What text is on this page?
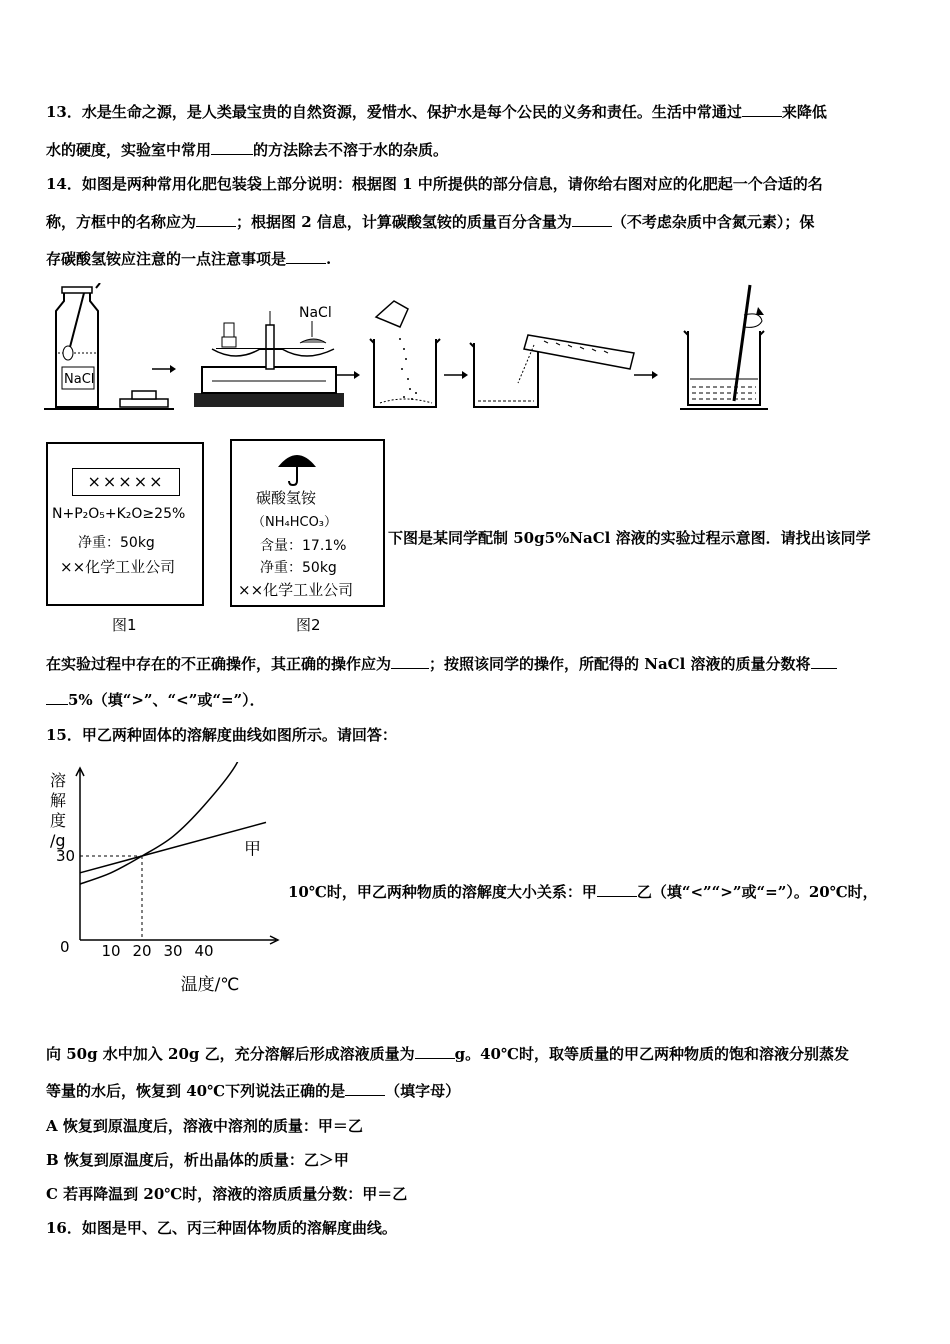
13．水是生命之源，是人类最宝贵的自然资源，爱惜水、保护水是每个公民的义务和责任。生活中常通过	来降低
水的硬度，实验室中常用	的方法除去不溶于水的杂质。
14．如图是两种常用化肥包装袋上部分说明：根据图 1 中所提供的部分信息，请你给右图对应的化肥起一个合适的名
称，方框中的名称应为	；根据图 2 信息，计算碳酸氢铵的质量百分含量为	（不考虑杂质中含氮元素）；保
存碳酸氢铵应注意的一点注意事项是	.
NaCl
NaCl
×××××
N+P₂O₅+K₂O≥25%
净重：50kg
××化学工业公司
图1
碳酸氢铵
（NH₄HCO₃）
含量：17.1%
净重：50kg
××化学工业公司
图2
下图是某同学配制 50g5%NaCl 溶液的实验过程示意图．请找出该同学
在实验过程中存在的不正确操作，其正确的操作应为	；按照该同学的操作，所配得的 NaCl 溶液的质量分数将
5%（填“>”、“<”或“=”）．
15．甲乙两种固体的溶解度曲线如图所示。请回答：
溶
解
度
/g
温度/℃
0 10 20 30 40
30	甲
10℃时，甲乙两种物质的溶解度大小关系：甲	乙（填“<”“>”或“=”）。20℃时，
向 50g 水中加入 20g 乙，充分溶解后形成溶液质量为	g。40℃时，取等质量的甲乙两种物质的饱和溶液分别蒸发
等量的水后，恢复到 40℃下列说法正确的是	（填字母）
A 恢复到原温度后，溶液中溶剂的质量：甲＝乙
B 恢复到原温度后，析出晶体的质量：乙＞甲
C 若再降温到 20℃时，溶液的溶质质量分数：甲＝乙
16．如图是甲、乙、丙三种固体物质的溶解度曲线。
